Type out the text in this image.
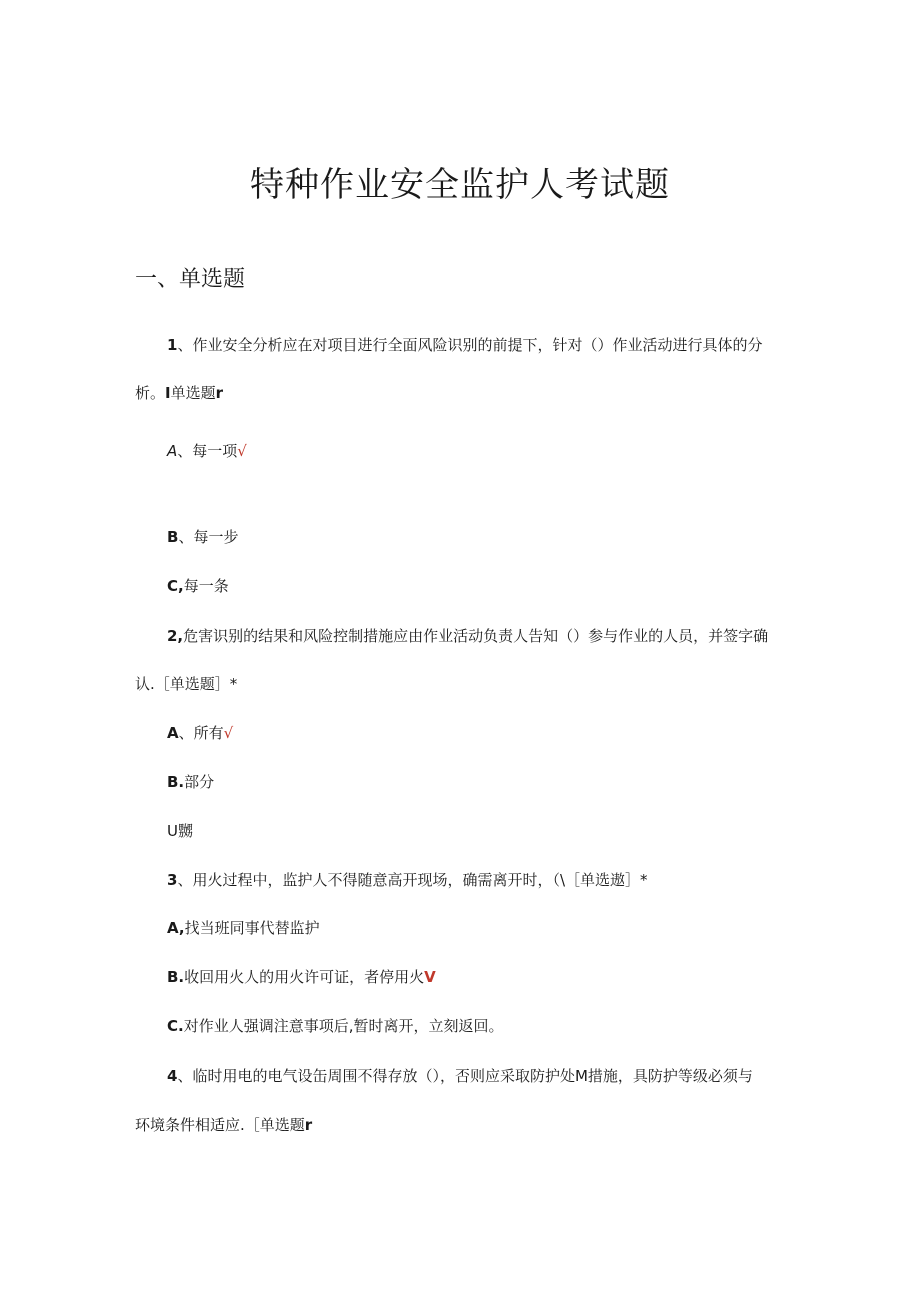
特种作业安全监护人考试题
一、单选题
1、作业安全分析应在对项目进行全面风险识别的前提下，针对（）作业活动进行具体的分
析。I单选题r
A、每一项√
B、每一步
C,每一条
2,危害识别的结果和风险控制措施应由作业活动负责人告知（）参与作业的人员，并签字确
认.［单选题］*
A、所有√
B.部分
U嬲
3、用火过程中，监护人不得随意高开现场，确需离开时，（\［单选遨］*
A,找当班同事代替监护
B.收回用火人的用火许可证，者停用火V
C.对作业人强调注意事项后,暂时离开，立刻返回。
4、临时用电的电气设缶周围不得存放（），否则应采取防护处M措施，具防护等级必须与
环境条件相适应.［单选题r
